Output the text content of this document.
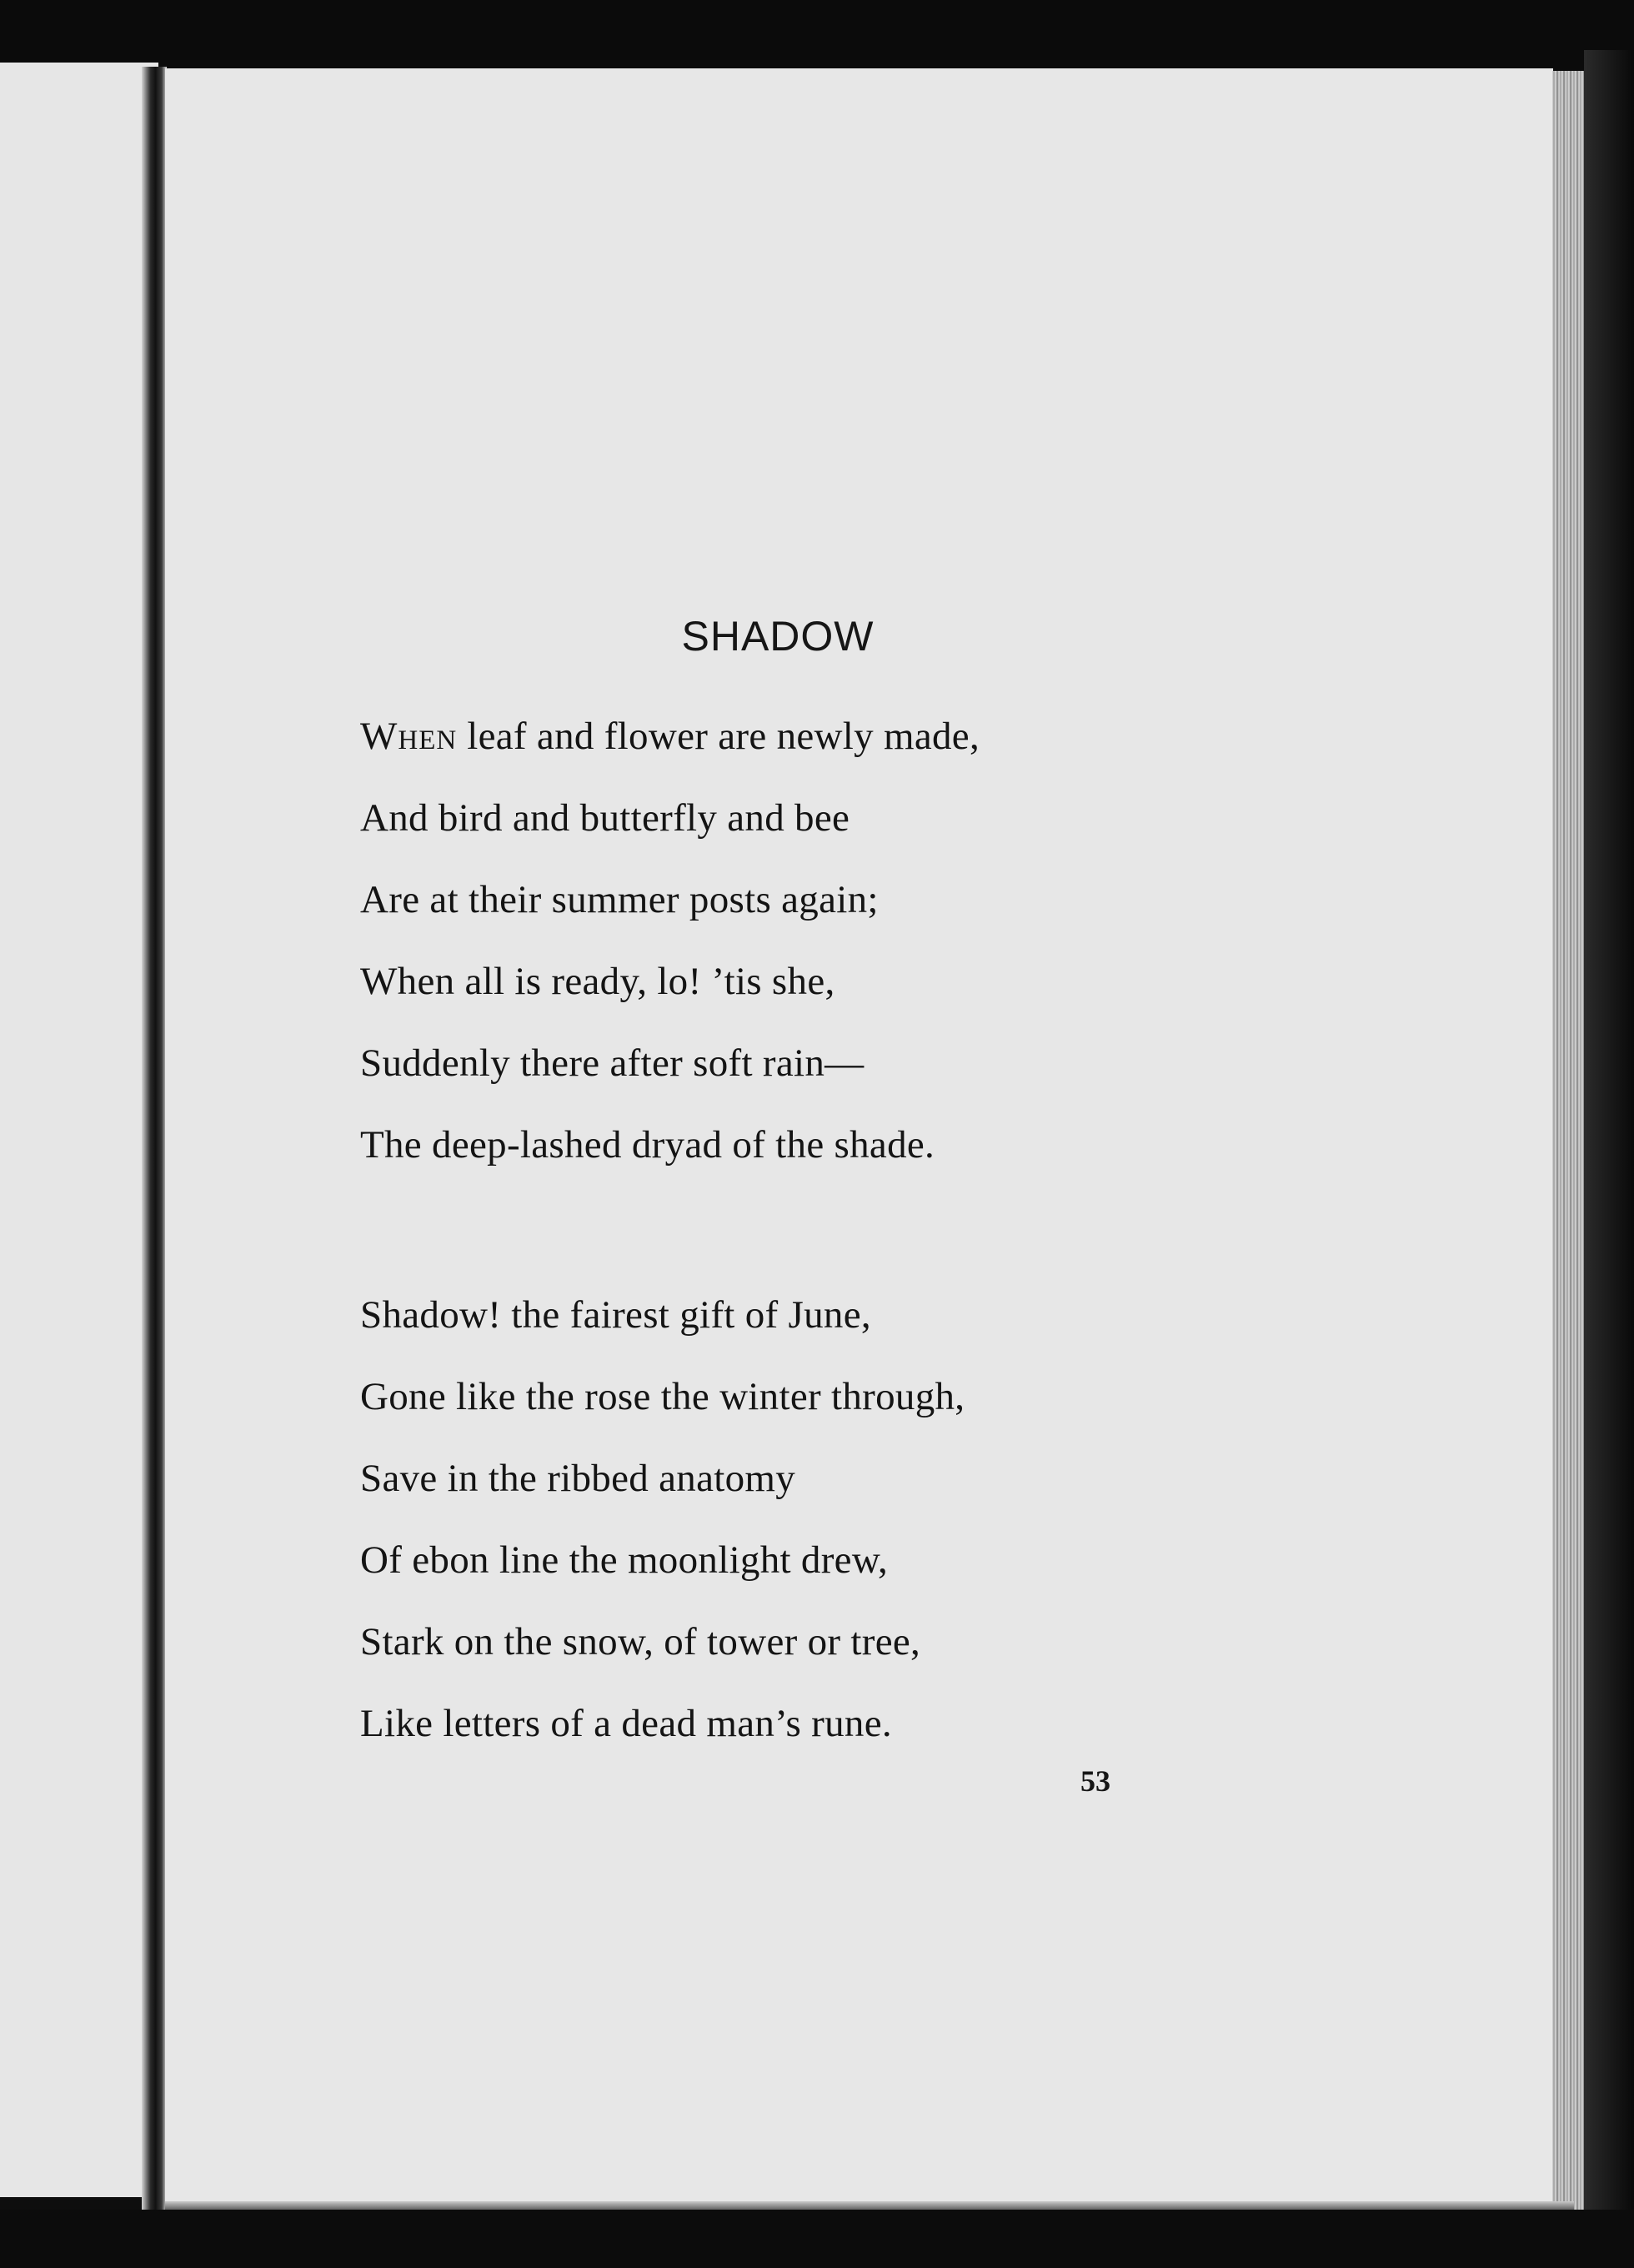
SHADOW
When leaf and flower are newly made,
And bird and butterfly and bee
Are at their summer posts again;
When all is ready, lo! ’tis she,
Suddenly there after soft rain—
The deep-lashed dryad of the shade.
Shadow! the fairest gift of June,
Gone like the rose the winter through,
Save in the ribbed anatomy
Of ebon line the moonlight drew,
Stark on the snow, of tower or tree,
Like letters of a dead man’s rune.
53
